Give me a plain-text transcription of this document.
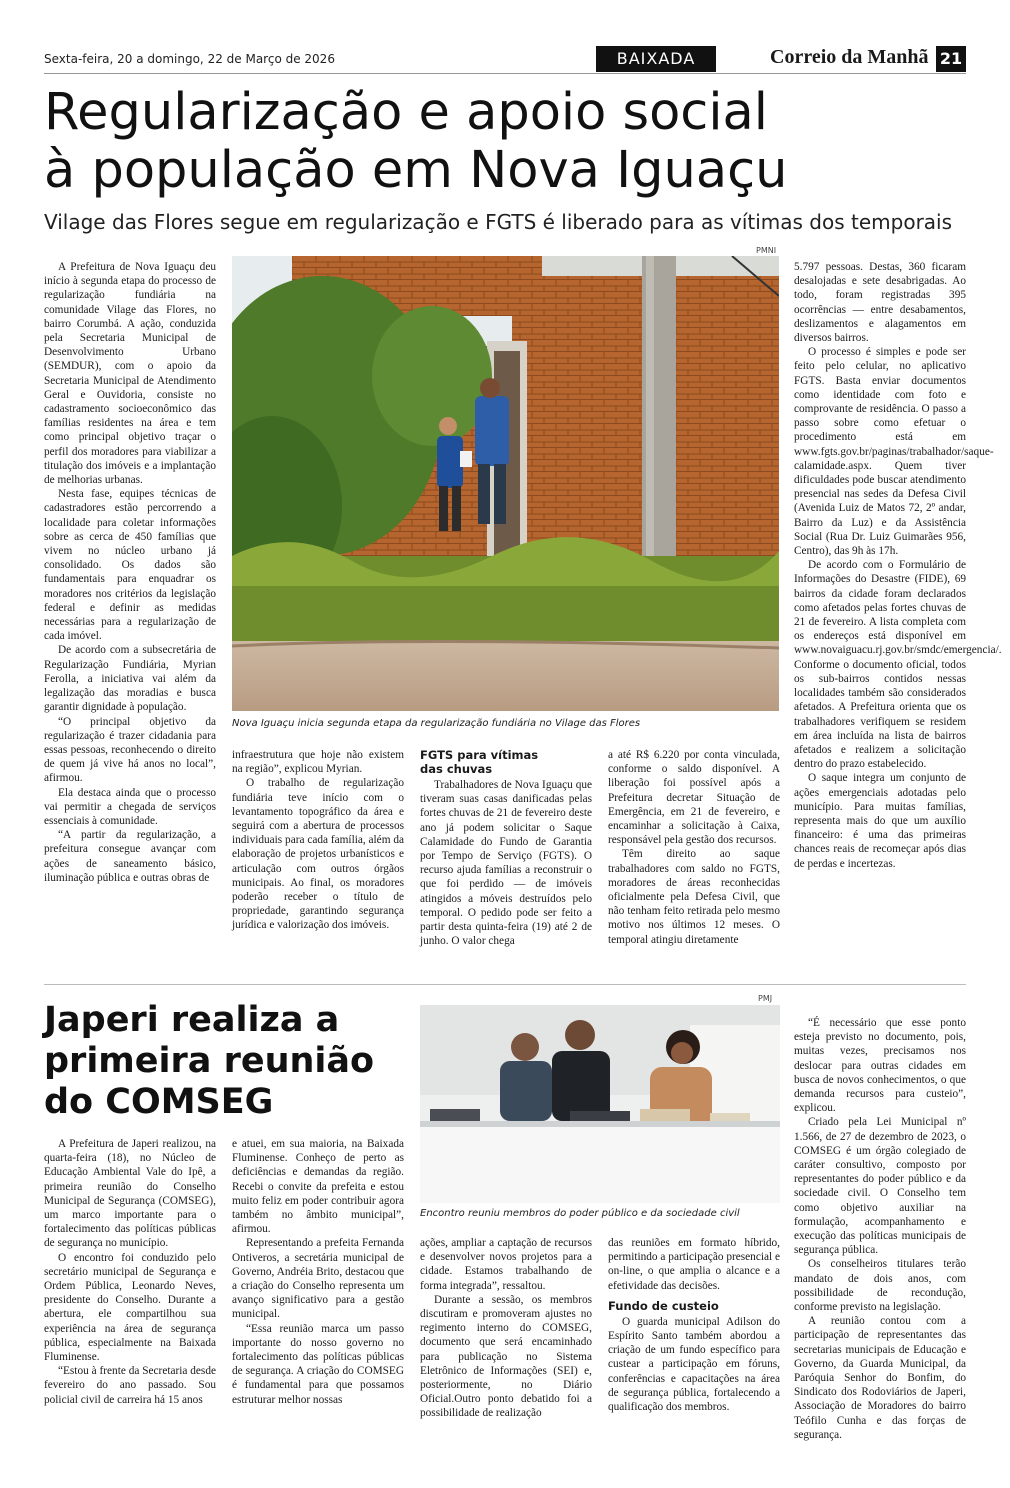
Sexta-feira, 20 a domingo, 22 de Março de 2026	BAIXADA	Correio da Manhã 21
Regularização e apoio social
à população em Nova Iguaçu
Vilage das Flores segue em regularização e FGTS é liberado para as vítimas dos temporais
PMNI

A Prefeitura de Nova Iguaçu deu início à segunda etapa do processo de regularização fundiária na comunidade Vilage das Flores, no bairro Corumbá. A ação, conduzida pela Secretaria Municipal de Desenvolvimento Urbano (SEMDUR), com o apoio da Secretaria Municipal de Atendimento Geral e Ouvidoria, consiste no cadastramento socioeconômico das famílias residentes na área e tem como principal objetivo traçar o perfil dos moradores para viabilizar a titulação dos imóveis e a implantação de melhorias urbanas.

Nesta fase, equipes técnicas de cadastradores estão percorrendo a localidade para coletar informações sobre as cerca de 450 famílias que vivem no núcleo urbano já consolidado. Os dados são fundamentais para enquadrar os moradores nos critérios da legislação federal e definir as medidas necessárias para a regularização de cada imóvel.

De acordo com a subsecretária de Regularização Fundiária, Myrian Ferolla, a iniciativa vai além da legalização das moradias e busca garantir dignidade à população.

“O principal objetivo da regularização é trazer cidadania para essas pessoas, reconhecendo o direito de quem já vive há anos no local”, afirmou.

Ela destaca ainda que o processo vai permitir a chegada de serviços essenciais à comunidade.

“A partir da regularização, a prefeitura consegue avançar com ações de saneamento básico, iluminação pública e outras obras de

Nova Iguaçu inicia segunda etapa da regularização fundiária no Vilage das Flores

infraestrutura que hoje não existem na região”, explicou Myrian.

O trabalho de regularização fundiária teve início com o levantamento topográfico da área e seguirá com a abertura de processos individuais para cada família, além da elaboração de projetos urbanísticos e articulação com outros órgãos municipais. Ao final, os moradores poderão receber o título de propriedade, garantindo segurança jurídica e valorização dos imóveis.

FGTS para vítimas
das chuvas

Trabalhadores de Nova Iguaçu que tiveram suas casas danificadas pelas fortes chuvas de 21 de fevereiro deste ano já podem solicitar o Saque Calamidade do Fundo de Garantia por Tempo de Serviço (FGTS). O recurso ajuda famílias a reconstruir o que foi perdido — de imóveis atingidos a móveis destruídos pelo temporal. O pedido pode ser feito a partir desta quinta-feira (19) até 2 de junho. O valor chega

a até R$ 6.220 por conta vinculada, conforme o saldo disponível. A liberação foi possível após a Prefeitura decretar Situação de Emergência, em 21 de fevereiro, e encaminhar a solicitação à Caixa, responsável pela gestão dos recursos.

Têm direito ao saque trabalhadores com saldo no FGTS, moradores de áreas reconhecidas oficialmente pela Defesa Civil, que não tenham feito retirada pelo mesmo motivo nos últimos 12 meses. O temporal atingiu diretamente

5.797 pessoas. Destas, 360 ficaram desalojadas e sete desabrigadas. Ao todo, foram registradas 395 ocorrências — entre desabamentos, deslizamentos e alagamentos em diversos bairros.

O processo é simples e pode ser feito pelo celular, no aplicativo FGTS. Basta enviar documentos como identidade com foto e comprovante de residência. O passo a passo sobre como efetuar o procedimento está em www.fgts.gov.br/paginas/trabalhador/saque-calamidade.aspx. Quem tiver dificuldades pode buscar atendimento presencial nas sedes da Defesa Civil (Avenida Luiz de Matos 72, 2º andar, Bairro da Luz) e da Assistência Social (Rua Dr. Luiz Guimarães 956, Centro), das 9h às 17h.

De acordo com o Formulário de Informações do Desastre (FIDE), 69 bairros da cidade foram declarados como afetados pelas fortes chuvas de 21 de fevereiro. A lista completa com os endereços está disponível em www.novaiguacu.rj.gov.br/smdc/emergencia/. Conforme o documento oficial, todos os sub-bairros contidos nessas localidades também são considerados afetados. A Prefeitura orienta que os trabalhadores verifiquem se residem em área incluída na lista de bairros afetados e realizem a solicitação dentro do prazo estabelecido.

O saque integra um conjunto de ações emergenciais adotadas pelo município. Para muitas famílias, representa mais do que um auxílio financeiro: é uma das primeiras chances reais de recomeçar após dias de perdas e incertezas.

Japeri realiza a primeira reunião do COMSEG
PMJ
Encontro reuniu membros do poder público e da sociedade civil

A Prefeitura de Japeri realizou, na quarta-feira (18), no Núcleo de Educação Ambiental Vale do Ipê, a primeira reunião do Conselho Municipal de Segurança (COMSEG), um marco importante para o fortalecimento das políticas públicas de segurança no município.

O encontro foi conduzido pelo secretário municipal de Segurança e Ordem Pública, Leonardo Neves, presidente do Conselho. Durante a abertura, ele compartilhou sua experiência na área de segurança pública, especialmente na Baixada Fluminense.

“Estou à frente da Secretaria desde fevereiro do ano passado. Sou policial civil de carreira há 15 anos

e atuei, em sua maioria, na Baixada Fluminense. Conheço de perto as deficiências e demandas da região. Recebi o convite da prefeita e estou muito feliz em poder contribuir agora também no âmbito municipal”, afirmou.

Representando a prefeita Fernanda Ontiveros, a secretária municipal de Governo, Andréia Brito, destacou que a criação do Conselho representa um avanço significativo para a gestão municipal.

“Essa reunião marca um passo importante do nosso governo no fortalecimento das políticas públicas de segurança. A criação do COMSEG é fundamental para que possamos estruturar melhor nossas

ações, ampliar a captação de recursos e desenvolver novos projetos para a cidade. Estamos trabalhando de forma integrada”, ressaltou.

Durante a sessão, os membros discutiram e promoveram ajustes no regimento interno do COMSEG, documento que será encaminhado para publicação no Sistema Eletrônico de Informações (SEI) e, posteriormente, no Diário Oficial.Outro ponto debatido foi a possibilidade de realização

das reuniões em formato híbrido, permitindo a participação presencial e on-line, o que amplia o alcance e a efetividade das decisões.

Fundo de custeio

O guarda municipal Adilson do Espírito Santo também abordou a criação de um fundo específico para custear a participação em fóruns, conferências e capacitações na área de segurança pública, fortalecendo a qualificação dos membros.

“É necessário que esse ponto esteja previsto no documento, pois, muitas vezes, precisamos nos deslocar para outras cidades em busca de novos conhecimentos, o que demanda recursos para custeio”, explicou.

Criado pela Lei Municipal nº 1.566, de 27 de dezembro de 2023, o COMSEG é um órgão colegiado de caráter consultivo, composto por representantes do poder público e da sociedade civil. O Conselho tem como objetivo auxiliar na formulação, acompanhamento e execução das políticas municipais de segurança pública.

Os conselheiros titulares terão mandato de dois anos, com possibilidade de recondução, conforme previsto na legislação.

A reunião contou com a participação de representantes das secretarias municipais de Educação e Governo, da Guarda Municipal, da Paróquia Senhor do Bonfim, do Sindicato dos Rodoviários de Japeri, Associação de Moradores do bairro Teófilo Cunha e das forças de segurança.
